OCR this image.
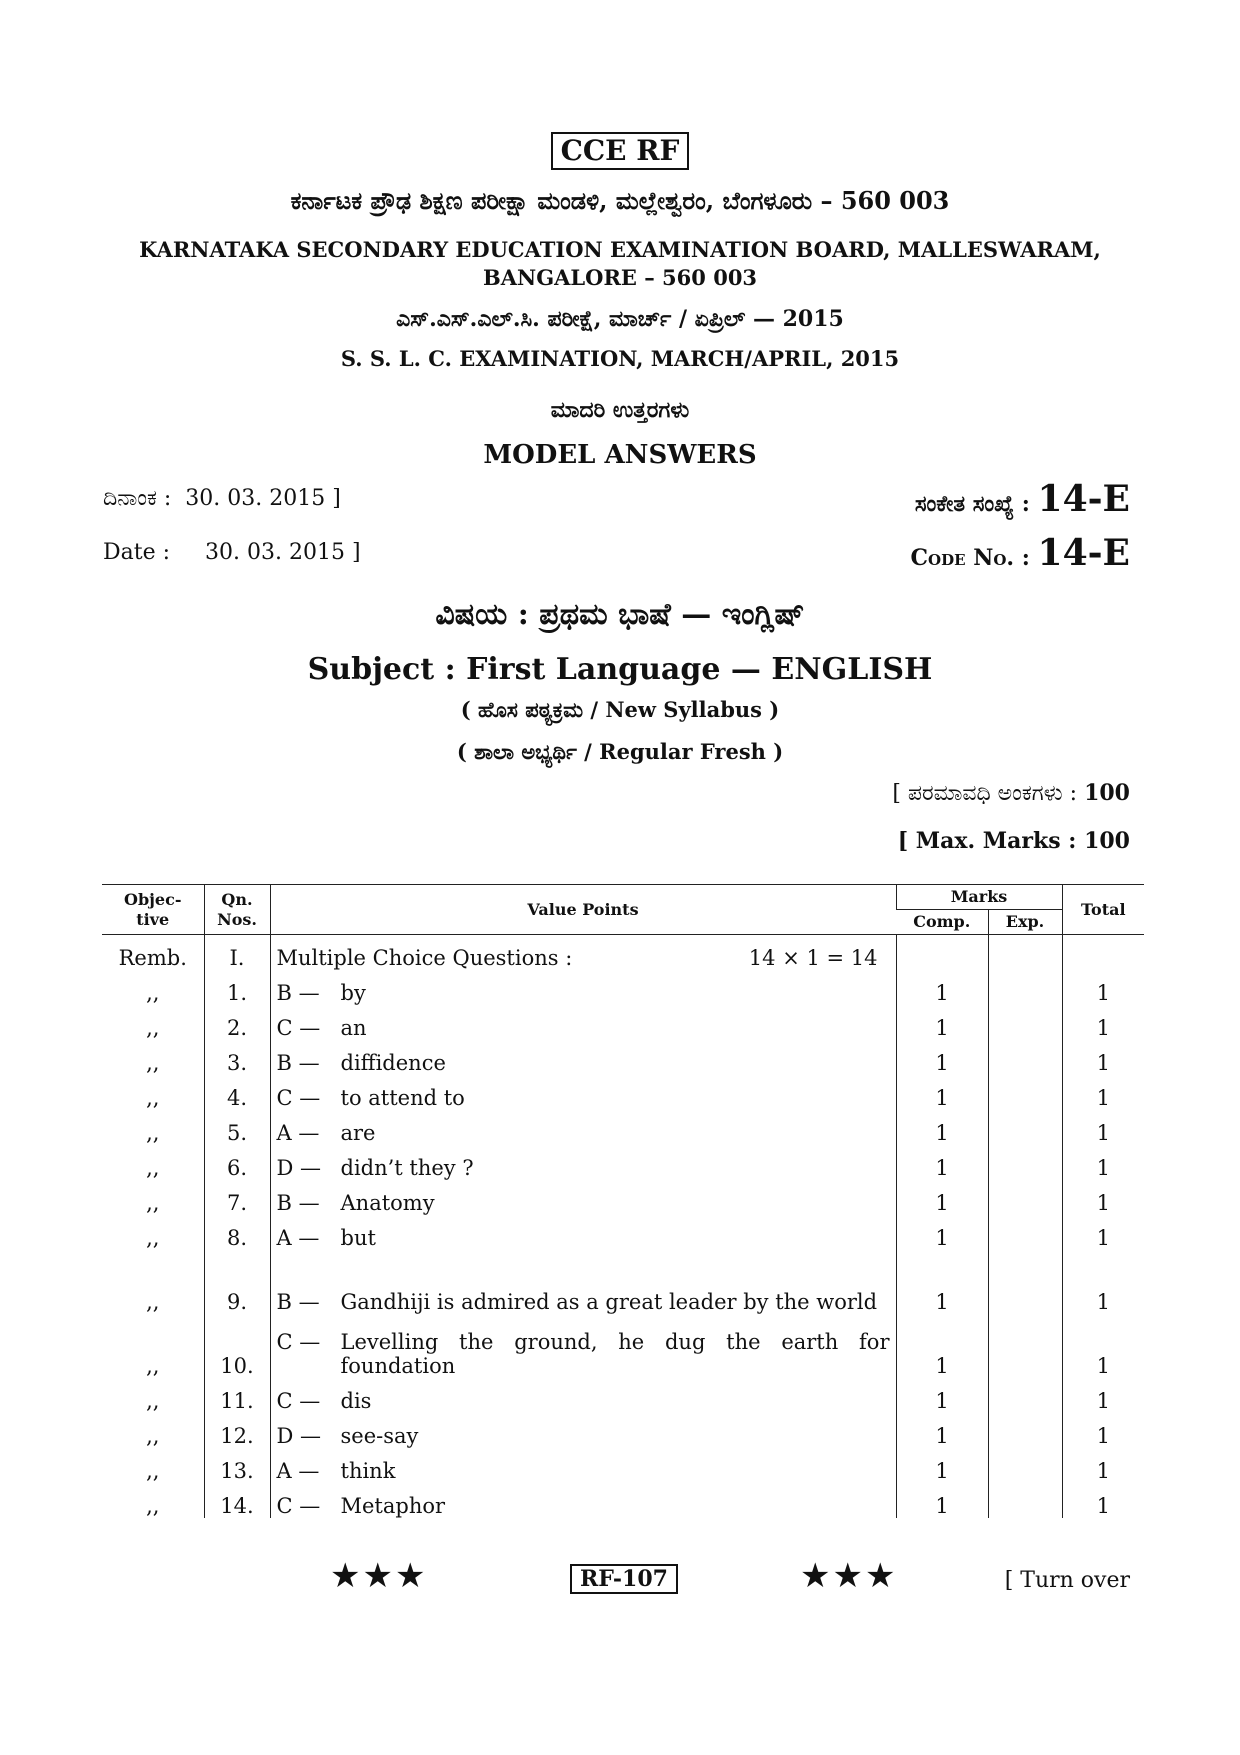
CCE RF
ಕರ್ನಾಟಕ ಪ್ರೌಢ ಶಿಕ್ಷಣ ಪರೀಕ್ಷಾ ಮಂಡಳಿ, ಮಲ್ಲೇಶ್ವರಂ, ಬೆಂಗಳೂರು – 560 003
KARNATAKA SECONDARY EDUCATION EXAMINATION BOARD, MALLESWARAM,
BANGALORE – 560 003
ಎಸ್.ಎಸ್.ಎಲ್.ಸಿ. ಪರೀಕ್ಷೆ, ಮಾರ್ಚ್ / ಏಪ್ರಿಲ್ — 2015
S. S. L. C. EXAMINATION, MARCH/APRIL, 2015
ಮಾದರಿ ಉತ್ತರಗಳು
MODEL ANSWERS
ದಿನಾಂಕ : 30. 03. 2015 ]
Date : 30. 03. 2015 ]
ಸಂಕೇತ ಸಂಖ್ಯೆ : 14-E
Code No. : 14-E
ವಿಷಯ : ಪ್ರಥಮ ಭಾಷೆ — ಇಂಗ್ಲಿಷ್
Subject : First Language — ENGLISH
( ಹೊಸ ಪಠ್ಯಕ್ರಮ / New Syllabus )
( ಶಾಲಾ ಅಭ್ಯರ್ಥಿ / Regular Fresh )
[ ಪರಮಾವಧಿ ಅಂಕಗಳು : 100
[ Max. Marks : 100
Objec- tive	Qn. Nos.	Value Points	Marks		Total
			Comp.	Exp.	
Remb.	I.	Multiple Choice Questions : 14 × 1 = 14			

,,	1.	B — by	1		1
,,	2.	C — an	1		1
,,	3.	B — diffidence	1		1
,,	4.	C — to attend to	1		1
,,	5.	A — are	1		1
,,	6.	D — didn’t they ?	1		1
,,	7.	B — Anatomy	1		1
,,	8.	A — but	1		1
,,	9.	B — Gandhiji is admired as a great leader by the world	1		1
,,	10.	C — Levelling the ground, he dug the earth for foundation	1		1
,,	11.	C — dis	1		1
,,	12.	D — see-say	1		1
,,	13.	A — think	1		1
,,	14.	C — Metaphor	1		1
★★★	RF-107	★★★	[ Turn over
